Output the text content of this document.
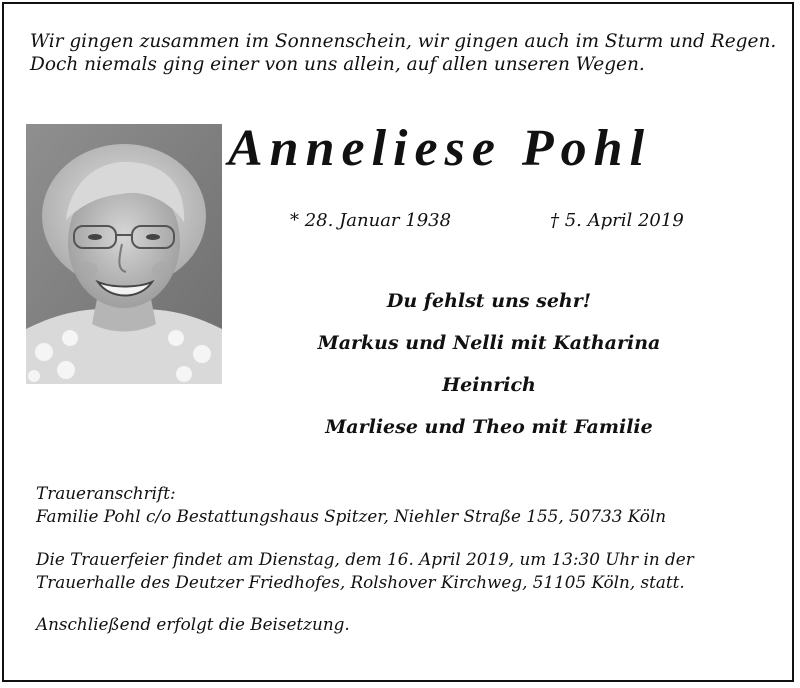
Wir gingen zusammen im Sonnenschein, wir gingen auch im Sturm und Regen.
Doch niemals ging einer von uns allein, auf allen unseren Wegen.
Anneliese Pohl
* 28. Januar 1938	† 5. April 2019
Du fehlst uns sehr!
Markus und Nelli mit Katharina
Heinrich
Marliese und Theo mit Familie
Traueranschrift:
Familie Pohl c/o Bestattungshaus Spitzer, Niehler Straße 155, 50733 Köln
Die Trauerfeier findet am Dienstag, dem 16. April 2019, um 13:30 Uhr in der
Trauerhalle des Deutzer Friedhofes, Rolshover Kirchweg, 51105 Köln, statt.
Anschließend erfolgt die Beisetzung.
